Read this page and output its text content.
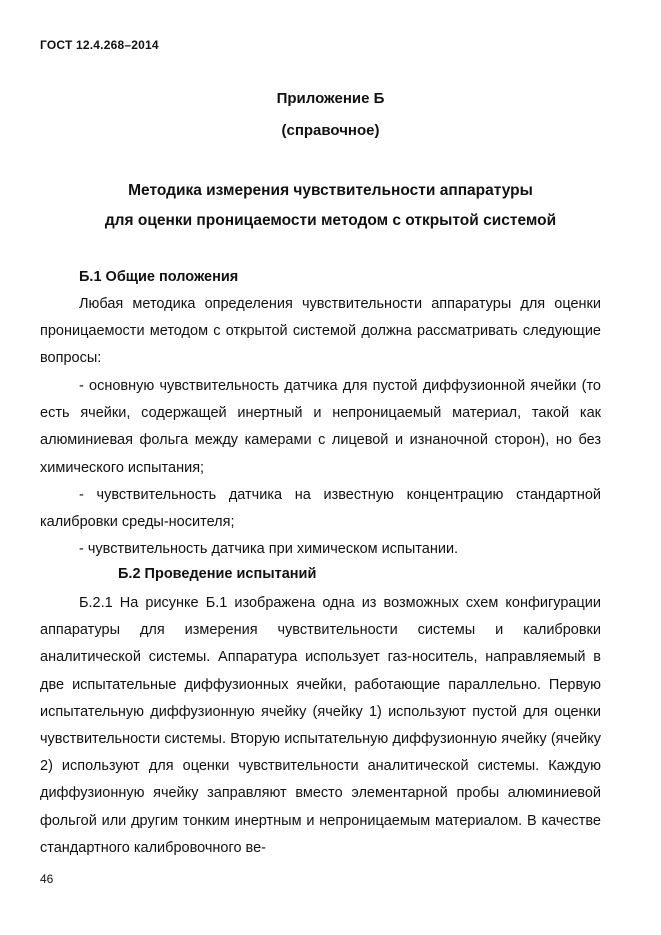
ГОСТ 12.4.268–2014
Приложение Б
(справочное)
Методика измерения чувствительности аппаратуры
для оценки проницаемости методом с открытой системой
Б.1 Общие положения

Любая методика определения чувствительности аппаратуры для оценки проницаемости методом с открытой системой должна рассматривать следующие вопросы:

- основную чувствительность датчика для пустой диффузионной ячейки (то есть ячейки, содержащей инертный и непроницаемый материал, такой как алюминиевая фольга между камерами с лицевой и изнаночной сторон), но без химического испытания;

- чувствительность датчика на известную концентрацию стандартной калибровки среды-носителя;

- чувствительность датчика при химическом испытании.

Б.2 Проведение испытаний

Б.2.1 На рисунке Б.1 изображена одна из возможных схем конфигурации аппаратуры для измерения чувствительности системы и калибровки аналитической системы. Аппаратура использует газ-носитель, направляемый в две испытательные диффузионных ячейки, работающие параллельно. Первую испытательную диффузионную ячейку (ячейку 1) используют пустой для оценки чувствительности системы. Вторую испытательную диффузионную ячейку (ячейку 2) используют для оценки чувствительности аналитической системы. Каждую диффузионную ячейку заправляют вместо элементарной пробы алюминиевой фольгой или другим тонким инертным и непроницаемым материалом. В качестве стандартного калибровочного ве-

46
